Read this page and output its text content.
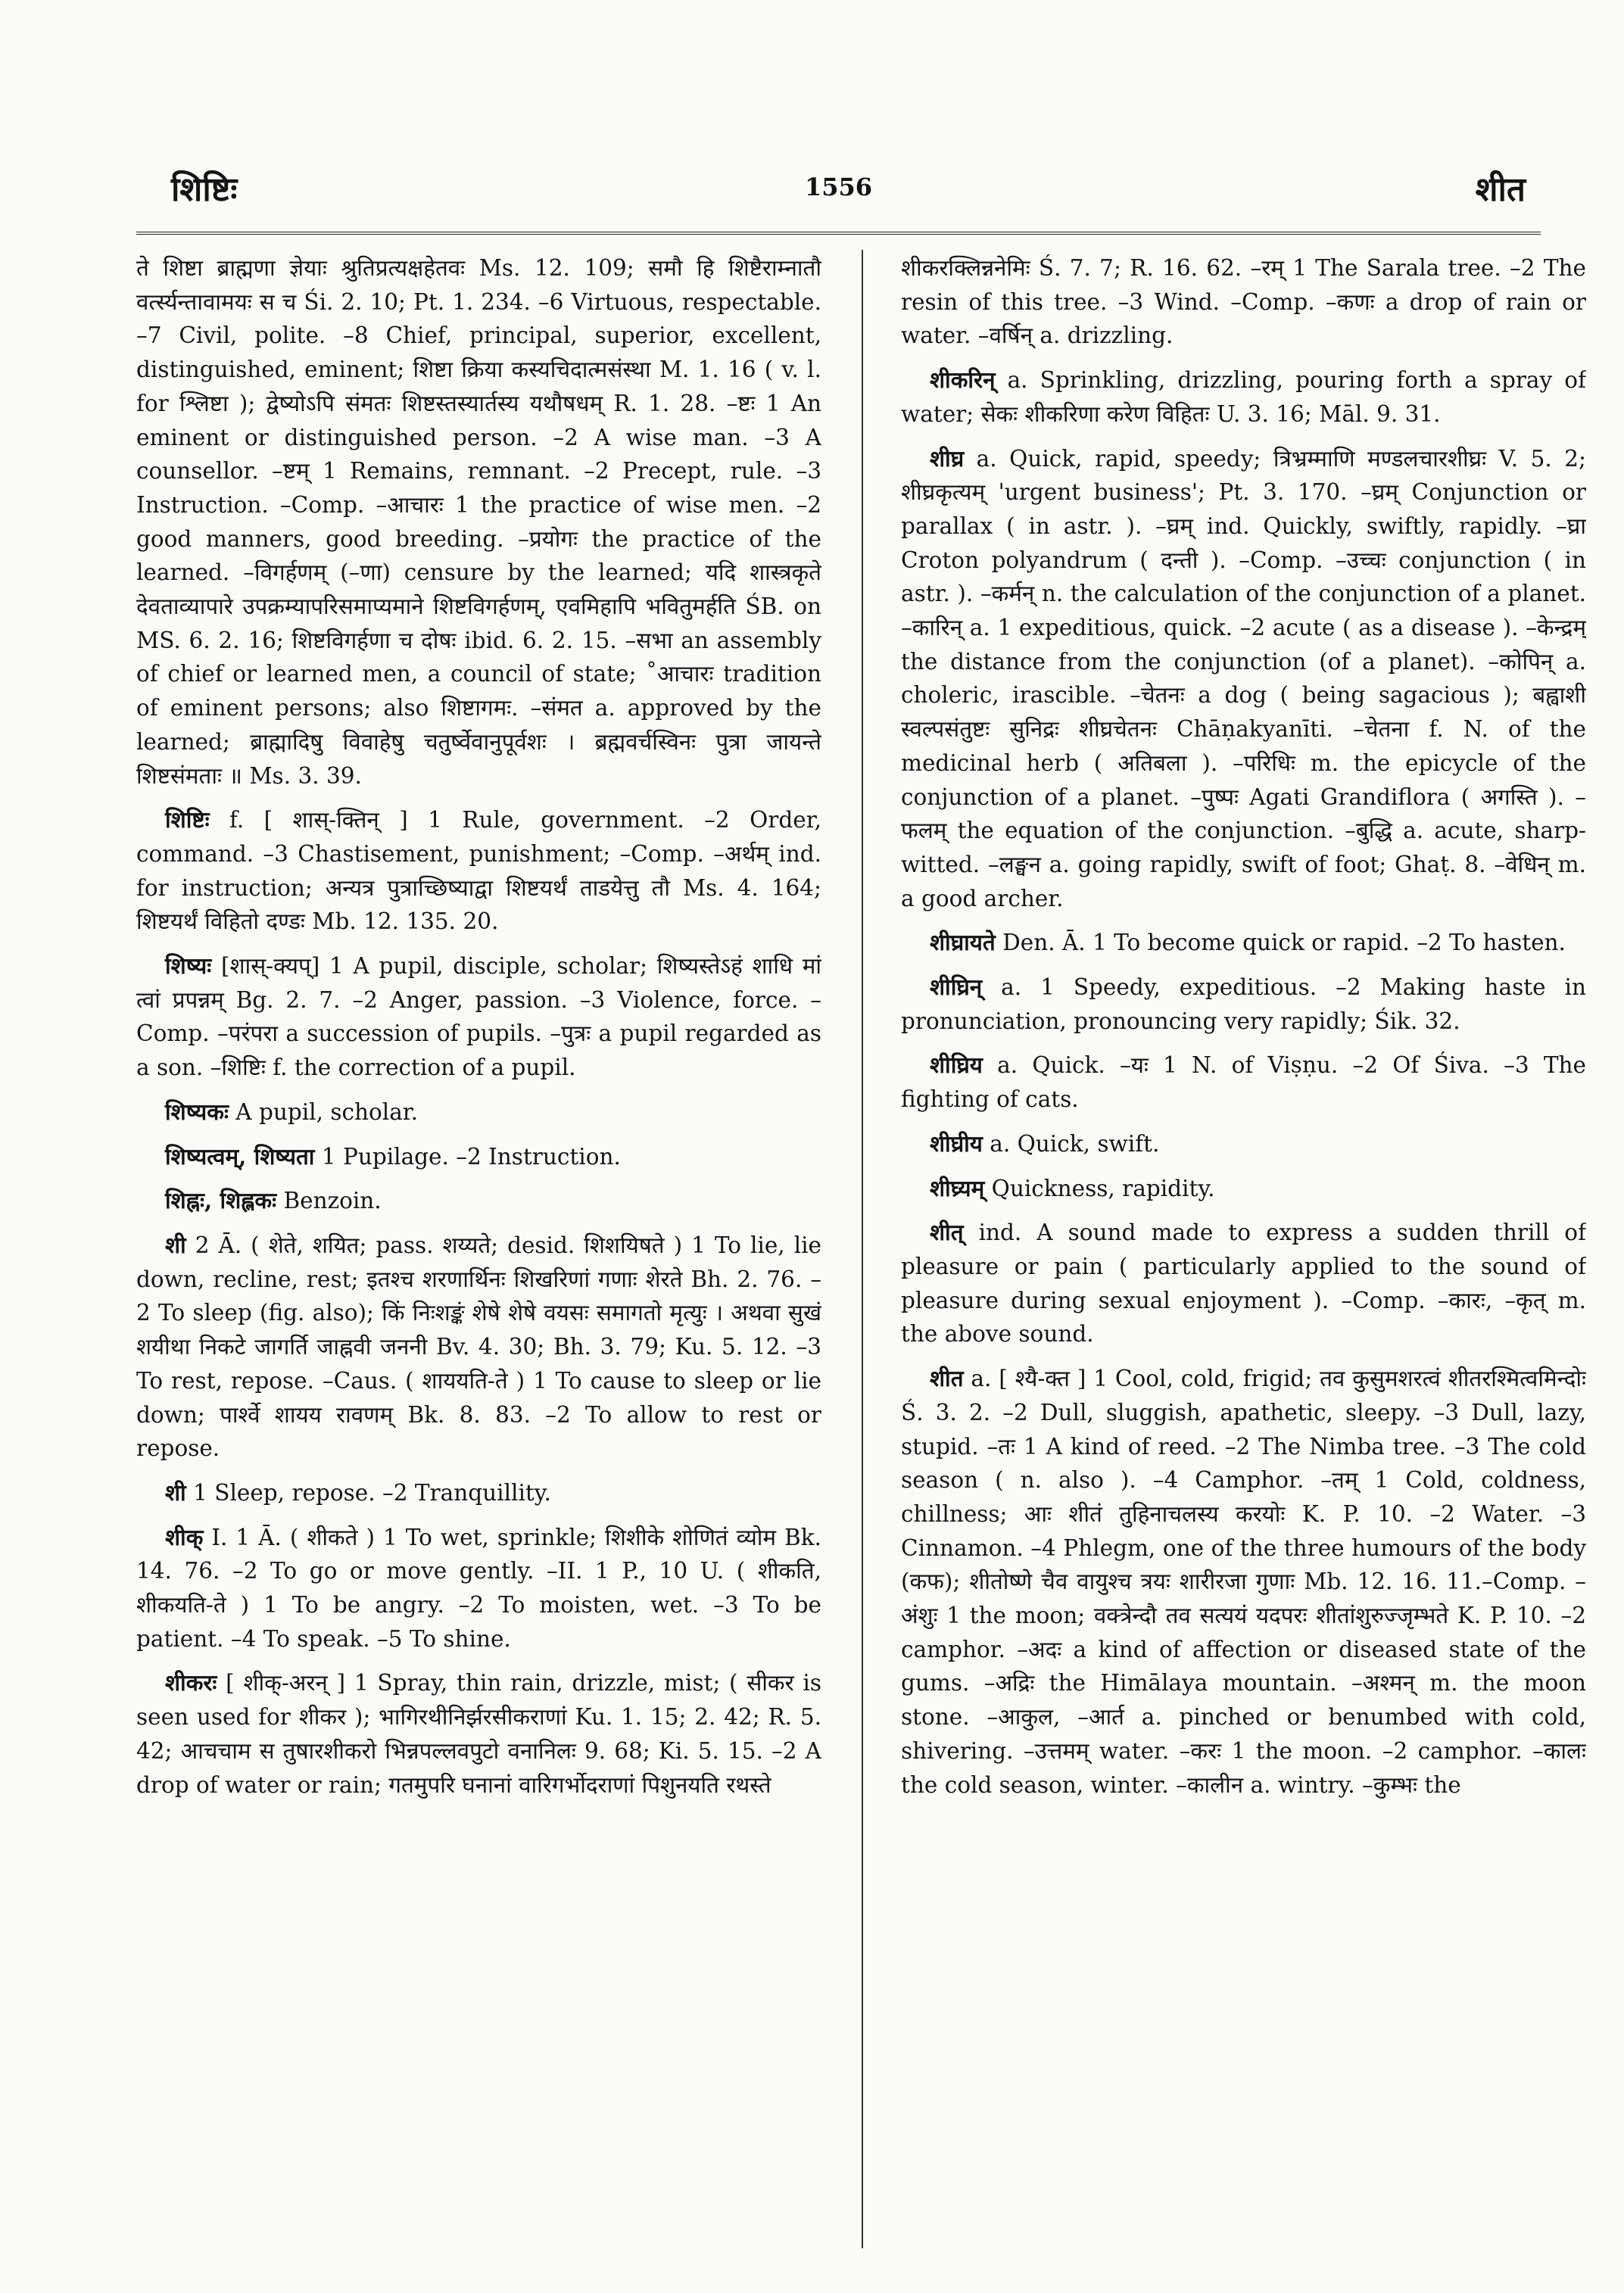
शिष्टिः	1556	शीत

ते शिष्टा ब्राह्मणा ज्ञेयाः श्रुतिप्रत्यक्षहेतवः Ms. 12. 109; समौ हि शिष्टैराम्नातौ वर्त्स्यन्तावामयः स च Śi. 2. 10; Pt. 1. 234. –6 Virtuous, respectable. –7 Civil, polite. –8 Chief, principal, superior, excellent, distinguished, eminent; शिष्टा क्रिया कस्यचिदात्मसंस्था M. 1. 16 ( v. l. for श्लिष्टा ); द्वेष्योऽपि संमतः शिष्टस्तस्यार्तस्य यथौषधम् R. 1. 28. –ष्टः 1 An eminent or distinguished person. –2 A wise man. –3 A counsellor. –ष्टम् 1 Remains, remnant. –2 Precept, rule. –3 Instruction. –Comp. –आचारः 1 the practice of wise men. –2 good manners, good breeding. –प्रयोगः the practice of the learned. –विगर्हणम् (–णा) censure by the learned; यदि शास्त्रकृते देवताव्यापारे उपक्रम्यापरिसमाप्यमाने शिष्टविगर्हणम्, एवमिहापि भवितुमर्हति ŚB. on MS. 6. 2. 16; शिष्टविगर्हणा च दोषः ibid. 6. 2. 15. –सभा an assembly of chief or learned men, a council of state; ˚आचारः tradition of eminent persons; also शिष्टागमः. –संमत a. approved by the learned; ब्राह्मादिषु विवाहेषु चतुर्ष्वेवानुपूर्वशः । ब्रह्मवर्चस्विनः पुत्रा जायन्ते शिष्टसंमताः ॥ Ms. 3. 39.

शिष्टिः f. [ शास्-क्तिन् ] 1 Rule, government. –2 Order, command. –3 Chastisement, punishment; –Comp. –अर्थम् ind. for instruction; अन्यत्र पुत्राच्छिष्याद्वा शिष्टयर्थं ताडयेत्तु तौ Ms. 4. 164; शिष्टयर्थं विहितो दण्डः Mb. 12. 135. 20.

शिष्यः [शास्-क्यप्] 1 A pupil, disciple, scholar; शिष्यस्तेऽहं शाधि मां त्वां प्रपन्नम् Bg. 2. 7. –2 Anger, passion. –3 Violence, force. –Comp. –परंपरा a succession of pupils. –पुत्रः a pupil regarded as a son. –शिष्टिः f. the correction of a pupil.

शिष्यकः A pupil, scholar.

शिष्यत्वम्, शिष्यता 1 Pupilage. –2 Instruction.

शिह्नः, शिह्लकः Benzoin.

शी 2 Ā. ( शेते, शयित; pass. शय्यते; desid. शिशयिषते ) 1 To lie, lie down, recline, rest; इतश्च शरणार्थिनः शिखरिणां गणाः शेरते Bh. 2. 76. –2 To sleep (fig. also); किं निःशङ्कं शेषे शेषे वयसः समागतो मृत्युः । अथवा सुखं शयीथा निकटे जागर्ति जाह्नवी जननी Bv. 4. 30; Bh. 3. 79; Ku. 5. 12. –3 To rest, repose. –Caus. ( शाययति-ते ) 1 To cause to sleep or lie down; पार्श्वे शायय रावणम् Bk. 8. 83. –2 To allow to rest or repose.

शी 1 Sleep, repose. –2 Tranquillity.

शीक् I. 1 Ā. ( शीकते ) 1 To wet, sprinkle; शिशीके शोणितं व्योम Bk. 14. 76. –2 To go or move gently. –II. 1 P., 10 U. ( शीकति, शीकयति-ते ) 1 To be angry. –2 To moisten, wet. –3 To be patient. –4 To speak. –5 To shine.

शीकरः [ शीक्-अरन् ] 1 Spray, thin rain, drizzle, mist; ( सीकर is seen used for शीकर ); भागिरथीनिर्झरसीकराणां Ku. 1. 15; 2. 42; R. 5. 42; आचचाम स तुषारशीकरो भिन्नपल्लवपुटो वनानिलः 9. 68; Ki. 5. 15. –2 A drop of water or rain; गतमुपरि घनानां वारिगर्भोदराणां पिशुनयति रथस्ते

शीकरक्लिन्ननेमिः Ś. 7. 7; R. 16. 62. –रम् 1 The Sarala tree. –2 The resin of this tree. –3 Wind. –Comp. –कणः a drop of rain or water. –वर्षिन् a. drizzling.

शीकरिन् a. Sprinkling, drizzling, pouring forth a spray of water; सेकः शीकरिणा करेण विहितः U. 3. 16; Māl. 9. 31.

शीघ्र a. Quick, rapid, speedy; त्रिभ्रम्माणि मण्डलचारशीघ्रः V. 5. 2; शीघ्रकृत्यम् 'urgent business'; Pt. 3. 170. –घ्रम् Conjunction or parallax ( in astr. ). –घ्रम् ind. Quickly, swiftly, rapidly. –घ्रा Croton polyandrum ( दन्ती ). –Comp. –उच्चः conjunction ( in astr. ). –कर्मन् n. the calculation of the conjunction of a planet. –कारिन् a. 1 expeditious, quick. –2 acute ( as a disease ). –केन्द्रम् the distance from the conjunction (of a planet). –कोपिन् a. choleric, irascible. –चेतनः a dog ( being sagacious ); बह्वाशी स्वल्पसंतुष्टः सुनिद्रः शीघ्रचेतनः Chāṇakyanīti. –चेतना f. N. of the medicinal herb ( अतिबला ). –परिधिः m. the epicycle of the conjunction of a planet. –पुष्पः Agati Grandiflora ( अगस्ति ). –फलम् the equation of the conjunction. –बुद्धि a. acute, sharp-witted. –लङ्घन a. going rapidly, swift of foot; Ghaṭ. 8. –वेधिन् m. a good archer.

शीघ्रायते Den. Ā. 1 To become quick or rapid. –2 To hasten.

शीघ्रिन् a. 1 Speedy, expeditious. –2 Making haste in pronunciation, pronouncing very rapidly; Śik. 32.

शीघ्रिय a. Quick. –यः 1 N. of Viṣṇu. –2 Of Śiva. –3 The fighting of cats.

शीघ्रीय a. Quick, swift.

शीघ्र्यम् Quickness, rapidity.

शीत् ind. A sound made to express a sudden thrill of pleasure or pain ( particularly applied to the sound of pleasure during sexual enjoyment ). –Comp. –कारः, –कृत् m. the above sound.

शीत a. [ श्यै-क्त ] 1 Cool, cold, frigid; तव कुसुमशरत्वं शीतरश्मित्वमिन्दोः Ś. 3. 2. –2 Dull, sluggish, apathetic, sleepy. –3 Dull, lazy, stupid. –तः 1 A kind of reed. –2 The Nimba tree. –3 The cold season ( n. also ). –4 Camphor. –तम् 1 Cold, coldness, chillness; आः शीतं तुहिनाचलस्य करयोः K. P. 10. –2 Water. –3 Cinnamon. –4 Phlegm, one of the three humours of the body (कफ); शीतोष्णे चैव वायुश्च त्रयः शारीरजा गुणाः Mb. 12. 16. 11.–Comp. –अंशुः 1 the moon; वक्त्रेन्दौ तव सत्ययं यदपरः शीतांशुरुज्जृम्भते K. P. 10. –2 camphor. –अदः a kind of affection or diseased state of the gums. –अद्रिः the Himālaya mountain. –अश्मन् m. the moon stone. –आकुल, –आर्त a. pinched or benumbed with cold, shivering. –उत्तमम् water. –करः 1 the moon. –2 camphor. –कालः the cold season, winter. –कालीन a. wintry. –कुम्भः the
